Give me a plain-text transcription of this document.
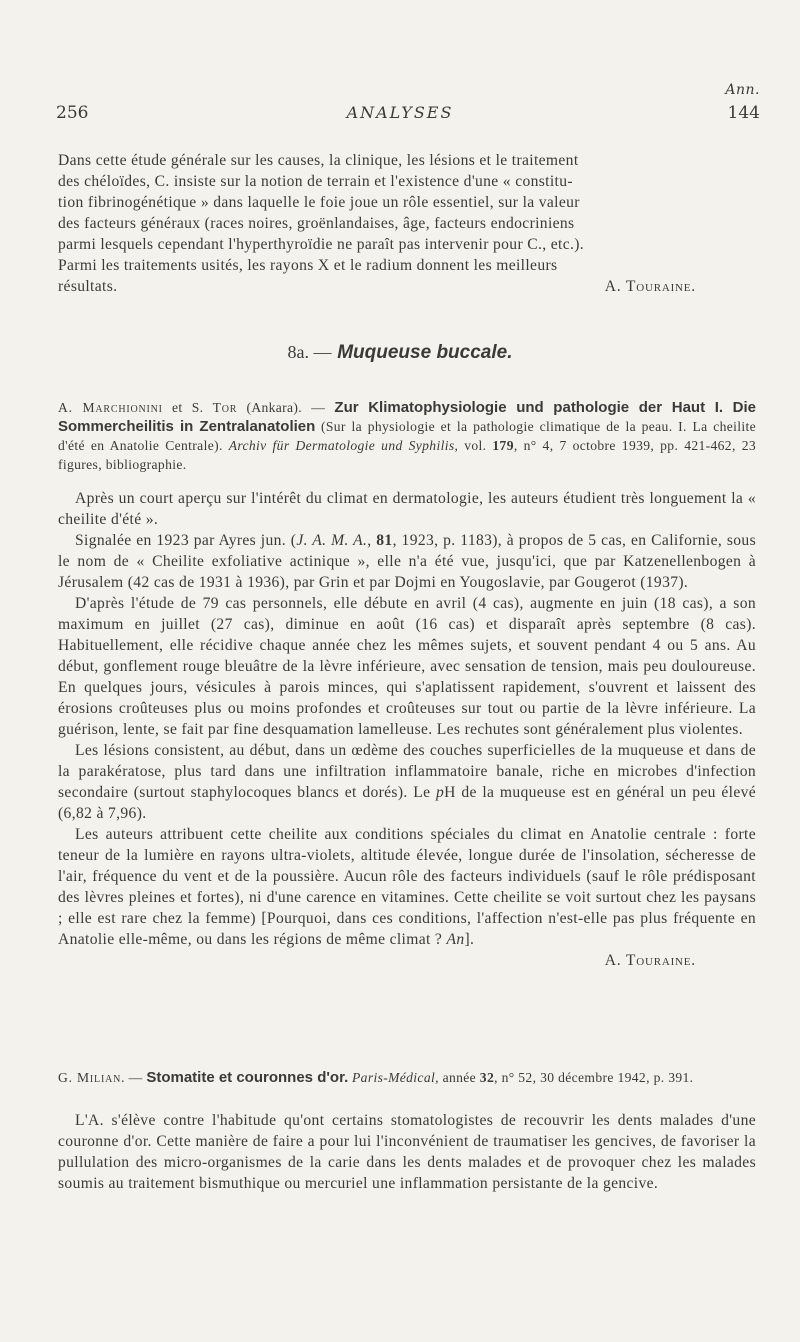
Ann.
256	ANALYSES	144
Dans cette étude générale sur les causes, la clinique, les lésions et le traitement
des chéloïdes, C. insiste sur la notion de terrain et l'existence d'une « constitu-
tion fibrinogénétique » dans laquelle le foie joue un rôle essentiel, sur la valeur
des facteurs généraux (races noires, groënlandaises, âge, facteurs endocriniens
parmi lesquels cependant l'hyperthyroïdie ne paraît pas intervenir pour C., etc.).
Parmi les traitements usités, les rayons X et le radium donnent les meilleurs
résultats.	A. Touraine.
8a. — Muqueuse buccale.

A. Marchionini et S. Tor (Ankara). — Zur Klimatophysiologie und pathologie der Haut I. Die Sommercheilitis in Zentralanatolien (Sur la physiologie et la pathologie climatique de la peau. I. La cheilite d'été en Anatolie Centrale). Archiv für Dermatologie und Syphilis, vol. 179, n° 4, 7 octobre 1939, pp. 421-462, 23 figures, bibliographie.

Après un court aperçu sur l'intérêt du climat en dermatologie, les auteurs étudient très longuement la « cheilite d'été ».

Signalée en 1923 par Ayres jun. (J. A. M. A., 81, 1923, p. 1183), à propos de 5 cas, en Californie, sous le nom de « Cheilite exfoliative actinique », elle n'a été vue, jusqu'ici, que par Katzenellenbogen à Jérusalem (42 cas de 1931 à 1936), par Grin et par Dojmi en Yougoslavie, par Gougerot (1937).

D'après l'étude de 79 cas personnels, elle débute en avril (4 cas), augmente en juin (18 cas), a son maximum en juillet (27 cas), diminue en août (16 cas) et disparaît après septembre (8 cas). Habituellement, elle récidive chaque année chez les mêmes sujets, et souvent pendant 4 ou 5 ans. Au début, gonflement rouge bleuâtre de la lèvre inférieure, avec sensation de tension, mais peu douloureuse. En quelques jours, vésicules à parois minces, qui s'aplatissent rapidement, s'ouvrent et laissent des érosions croûteuses plus ou moins profondes et croûteuses sur tout ou partie de la lèvre inférieure. La guérison, lente, se fait par fine desquamation lamelleuse. Les rechutes sont généralement plus violentes.

Les lésions consistent, au début, dans un œdème des couches superficielles de la muqueuse et dans de la parakératose, plus tard dans une infiltration inflammatoire banale, riche en microbes d'infection secondaire (surtout staphylocoques blancs et dorés). Le pH de la muqueuse est en général un peu élevé (6,82 à 7,96).

Les auteurs attribuent cette cheilite aux conditions spéciales du climat en Anatolie centrale : forte teneur de la lumière en rayons ultra-violets, altitude élevée, longue durée de l'insolation, sécheresse de l'air, fréquence du vent et de la poussière. Aucun rôle des facteurs individuels (sauf le rôle prédisposant des lèvres pleines et fortes), ni d'une carence en vitamines. Cette cheilite se voit surtout chez les paysans ; elle est rare chez la femme) [Pourquoi, dans ces conditions, l'affection n'est-elle pas plus fréquente en Anatolie elle-même, ou dans les régions de même climat ? An].

A. Touraine.

G. Milian. — Stomatite et couronnes d'or. Paris-Médical, année 32, n° 52, 30 décembre 1942, p. 391.

L'A. s'élève contre l'habitude qu'ont certains stomatologistes de recouvrir les dents malades d'une couronne d'or. Cette manière de faire a pour lui l'inconvénient de traumatiser les gencives, de favoriser la pullulation des micro-organismes de la carie dans les dents malades et de provoquer chez les malades soumis au traitement bismuthique ou mercuriel une inflammation persistante de la gencive.
